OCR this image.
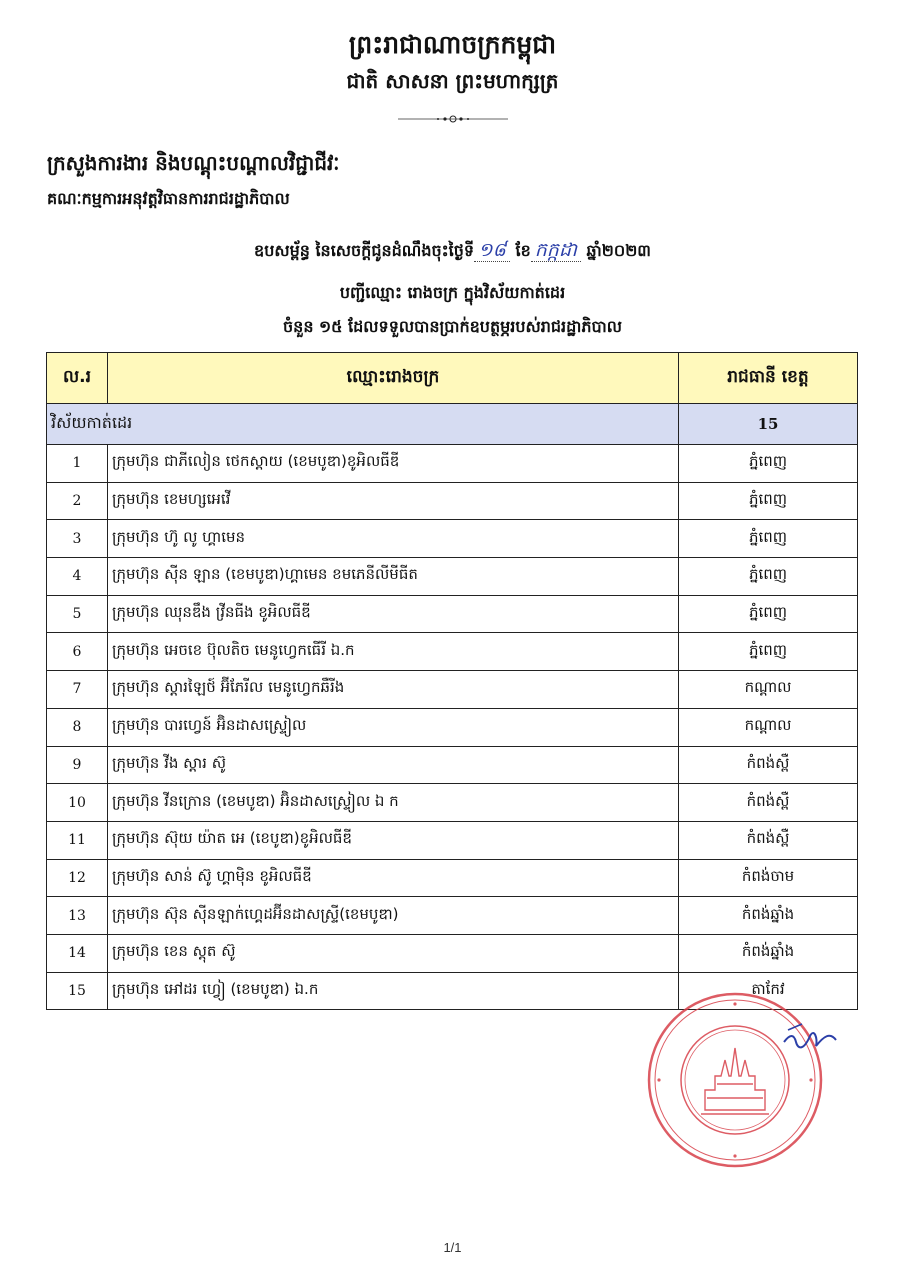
ព្រះរាជាណាចក្រកម្ពុជា
ជាតិ សាសនា ព្រះមហាក្សត្រ
ក្រសួងការងារ និងបណ្តុះបណ្តាលវិជ្ជាជីវៈ
គណៈកម្មការអនុវត្តវិធានការរាជរដ្ឋាភិបាល
ឧបសម្ព័ន្ធ នៃសេចក្តីជូនដំណឹងចុះថ្ងៃទី ១៨ ខែ កក្កដា ឆ្នាំ២០២៣
បញ្ជីឈ្មោះ រោងចក្រ ក្នុងវិស័យកាត់ដេរ
ចំនួន ១៥ ដែលទទួលបានប្រាក់ឧបត្ថម្ភរបស់រាជរដ្ឋាភិបាល
ល.រ	ឈ្មោះរោងចក្រ	រាជធានី ខេត្ត
វិស័យកាត់ដេរ		15
1	ក្រុមហ៊ុន ជាភីលៀន ថេកស្តាយ (ខេមបូឌា)ខូអិលធីឌី	ភ្នំពេញ
2	ក្រុមហ៊ុន ខេមហ្សអេវើ	ភ្នំពេញ
3	ក្រុមហ៊ុន ហ៊ូ លូ ហ្គាមេន	ភ្នំពេញ
4	ក្រុមហ៊ុន ស៊ីន ឡាន (ខេមបូឌា)ហ្គាមេន ខមភេនីលីមីធីត	ភ្នំពេញ
5	ក្រុមហ៊ុន ឈុនឌឹង វ្រីនធីង ខូអិលធីឌី	ភ្នំពេញ
6	ក្រុមហ៊ុន អេចខេ ប៊ុលតិច មេនូហ្វេកធើរី ឯ.ក	ភ្នំពេញ
7	ក្រុមហ៊ុន ស្តារឡៃថ៍ អ៊ីភែរីល មេនូហ្វេកឆឺរីង	កណ្តាល
8	ក្រុមហ៊ុន បារហ្វេន៍ អ៊ិនដាសស្ទ្រៀល	កណ្តាល
9	ក្រុមហ៊ុន វីង ស្តារ ស៊ូ	កំពង់ស្ពឺ
10	ក្រុមហ៊ុន វីនក្រោន (ខេមបូឌា) អ៊ិនដាសស្ទ្រៀល ឯ ក	កំពង់ស្ពឺ
11	ក្រុមហ៊ុន ស៊ុយ យ៉ាត អេ (ខេបូឌា)ខូអិលធីឌី	កំពង់ស្ពឺ
12	ក្រុមហ៊ុន សាន់ ស៊ូ ហ្គាម៉ិន ខូអិលធីឌី	កំពង់ចាម
13	ក្រុមហ៊ុន ស៊ុន ស៊ីនឡាក់ហ្គេដអ៊ីនដាសស្ទ្រី(ខេមបូឌា)	កំពង់ឆ្នាំង
14	ក្រុមហ៊ុន ខេន ស្តុត ស៊ូ	កំពង់ឆ្នាំង
15	ក្រុមហ៊ុន អៅដរ ហ្វៀ (ខេមបូឌា) ឯ.ក	តាកែវ
1/1
